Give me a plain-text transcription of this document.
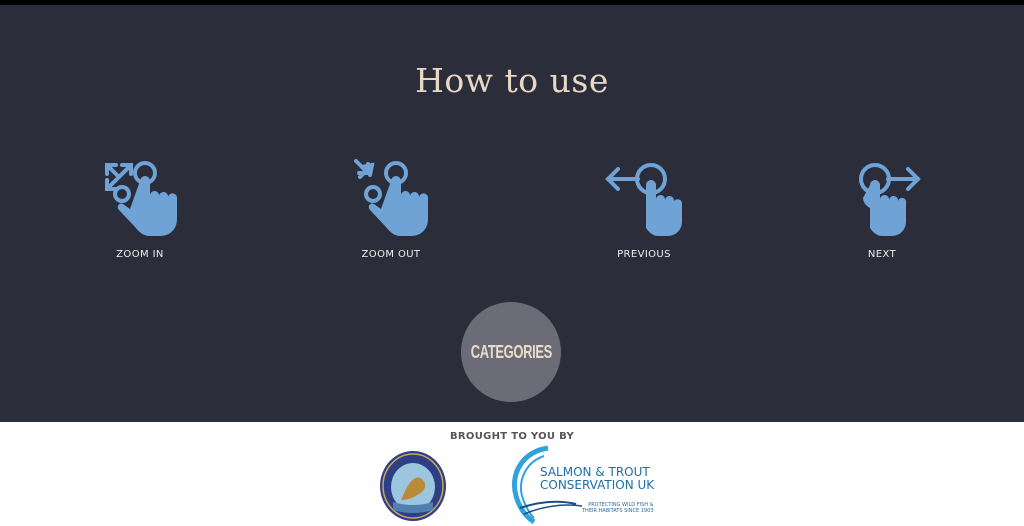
How to use
ZOOM IN	ZOOM OUT	PREVIOUS	NEXT
CATEGORIES
BROUGHT TO YOU BY
SALMON & TROUT
CONSERVATION UK
PROTECTING WILD FISH &
THEIR HABITATS SINCE 1903
